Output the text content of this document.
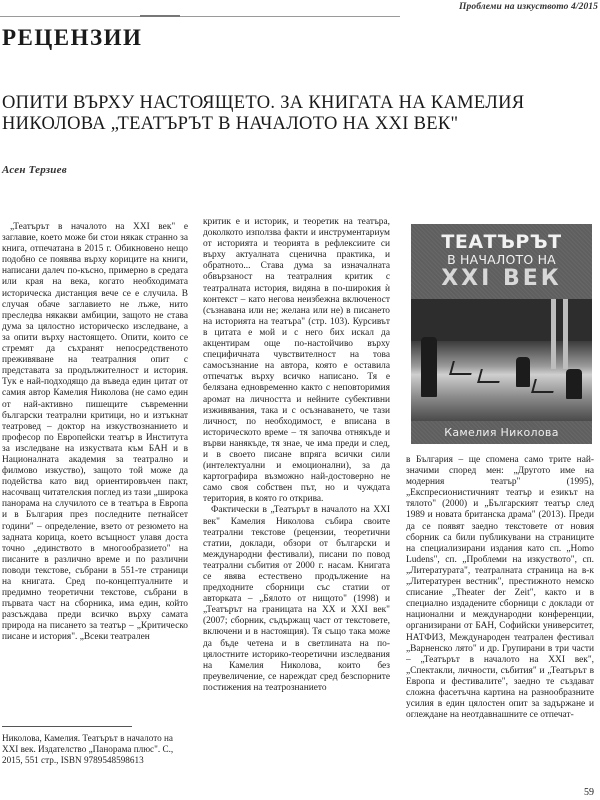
Проблеми на изкуството 4/2015
РЕЦЕНЗИИ
ОПИТИ ВЪРХУ НАСТОЯЩЕТО. ЗА КНИГАТА НА КАМЕЛИЯ НИКОЛОВА „ТЕАТЪРЪТ В НАЧАЛОТО НА XXI ВЕК"
Асен Терзиев

„Театърът в началото на XXI век" е заглавие, което може би стои някак странно за книга, отпечатана в 2015 г. Обикновено нещо подобно се появява върху кориците на книги, написани далеч по-късно, примерно в средата или края на века, когато необходимата историческа дистанция вече се е случила. В случая обаче заглавието не лъже, нито преследва някакви амбиции, защото не става дума за цялостно историческо изследване, а за опити върху настоящето. Опити, които се стремят да съхранят непосредственото преживяване на театралния опит с представата за продължителност и история. Тук е най-подходящо да въведа един цитат от самия автор Камелия Николова (не само един от най-активно пишещите съвременни български театрални критици, но и изтъкнат театровед – доктор на изкуствознанието и професор по Европейски театър в Института за изследване на изкуствата към БАН и в Националната академия за театрално и филмово изкуство), защото той може да подейства като вид ориентировъчен пакт, насочващ читателския поглед из тази „широка панорама на случилото се в театъра в Европа и в България през последните петнайсет години" – определение, взето от резюмето на задната корица, което всъщност улавя доста точно „единството в многообразието" на писаните в различно време и по различни поводи текстове, събрани в 551-те страници на книгата. Сред по-концептуалните и предимно теоретични текстове, събрани в първата част на сборника, има един, който разсъждава преди всичко върху самата природа на писането за театър – „Критическо писане и история". „Всеки театрален

критик е и историк, и теоретик на театъра, доколкото използва факти и инструментариум от историята и теорията в рефлексиите си върху актуалната сценична практика, и обратното... Става дума за изначалната обвързаност на театралния критик с театралната история, видяна в по-широкия ѝ контекст – като негова неизбежна включеност (съзнавана или не; желана или не) в писането на историята на театъра" (стр. 103). Курсивът в цитата е мой и с него бих искал да акцентирам още по-настойчиво върху специфичната чувствителност на това самосъзнание на автора, която е оставила отпечатък върху всичко написано. Тя е белязана едновременно както с неповторимия аромат на личността и нейните субективни изживявания, така и с осъзнаването, че тази личност, по необходимост, е вписана в историческото време – тя започва отнякъде и върви нанякъде, тя знае, че има преди и след, и в своето писане впряга всички сили (интелектуални и емоционални), за да картографира възможно най-достоверно не само своя собствен път, но и чуждата територия, в която го открива.

Фактически в „Театърът в началото на XXI век" Камелия Николова събира своите театрални текстове (рецензии, теоретични статии, доклади, обзори от български и международни фестивали), писани по повод театрални събития от 2000 г. насам. Книгата се явява естествено продължение на предходните сборници със статии от авторката – „Бялото от нищото" (1998) и „Театърът на границата на XX и XXI век" (2007; сборник, съдържащ част от текстовете, включени и в настоящия). Тя също така може да бъде четена и в светлината на по-цялостните историко-теоретични изследвания на Камелия Николова, които без преувеличение, се нареждат сред безспорните постижения на театрознанието

ТЕАТЪРЪТ
В НАЧАЛОТО НА
XXI ВЕК
Камелия Николова

в България – ще спомена само трите най-значими според мен: „Другото име на модерния театър" (1995), „Експресионистичният театър и езикът на тялото" (2000) и „Българският театър след 1989 и новата британска драма" (2013). Преди да се появят заедно текстовете от новия сборник са били публикувани на страниците на специализирани издания като сп. „Homo Ludens", сп. „Проблеми на изкуството", сп. „Литературата", театралната страница на в-к „Литературен вестник", престижното немско списание „Theater der Zeit", както и в специално издадените сборници с доклади от национални и международни конференции, организирани от БАН, Софийски университет, НАТФИЗ, Международен театрален фестивал „Варненско лято" и др. Групирани в три части – „Театърът в началото на XXI век", „Спектакли, личности, събития" и „Театърът в Европа и фестивалите", заедно те създават сложна фасетъчна картина на разнообразните усилия в един цялостен опит за задържане и оглеждане на неотдавнашните се отпечат-

Николова, Камелия. Театърът в началото на XXI век. Издателство „Панорама плюс". С., 2015, 551 стр., ISBN 9789548598613
59
